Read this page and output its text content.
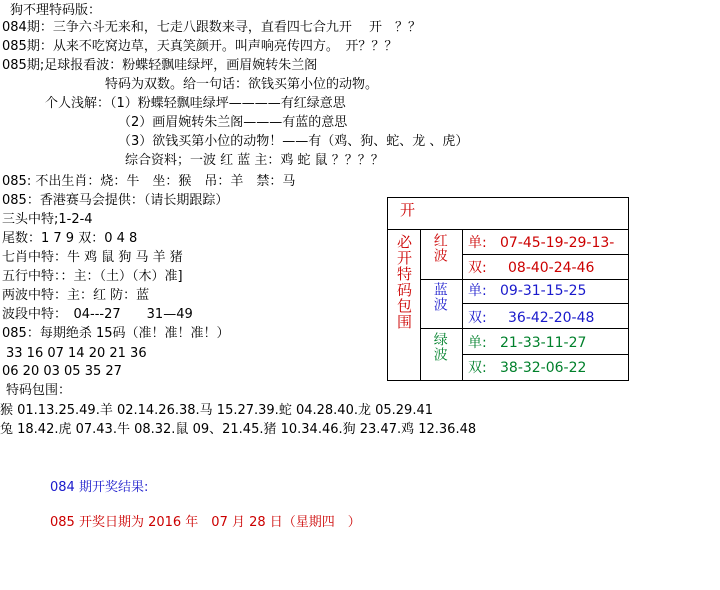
狗不理特码版：
084期：三争六斗无来和，七走八跟数来寻，直看四七合九开　 开　？？
085期：从来不吃窝边草，天真笑颜开。叫声响亮传四方。　开？？？
085期;足球报看波：粉蝶轻飘哇绿坪，画眉婉转朱兰阁
特码为双数。给一句话：欲钱买第小位的动物。
个人浅解：（1）粉蝶轻飘哇绿坪————有红绿意思
（2）画眉婉转朱兰阁———有蓝的意思
（3）欲钱买第小位的动物！——有（鸡、狗、蛇、龙 、虎）
综合资料；一波 红 蓝 主：鸡 蛇 鼠 ？？？？
085: 不出生肖：烧：牛　坐：猴　吊：羊　禁：马
085：香港赛马会提供：（请长期跟踪）
三头中特;1-2-4
尾数：1 7 9 双：0 4 8
七肖中特：牛 鸡 鼠 狗 马 羊 猪
五行中特：：主：（土）（木）准]
两波中特：主：红 防：蓝
波段中特：　04---27　　31—49
085：每期绝杀 15码（准！准！准！）
33 16 07 14 20 21 36
06 20 03 05 35 27
特码包围：
猴 01.13.25.49.羊 02.14.26.38.马 15.27.39.蛇 04.28.40.龙 05.29.41
兔 18.42.虎 07.43.牛 08.32.鼠 09、21.45.猪 10.34.46.狗 23.47.鸡 12.36.48
084 期开奖结果:
085 开奖日期为 2016 年　07 月 28 日（星期四　）
开
必开特码包围 红波
蓝波
绿波
单: 07-45-19-29-13-
双: 08-40-24-46
单: 09-31-15-25
双: 36-42-20-48
单: 21-33-11-27
双: 38-32-06-22
